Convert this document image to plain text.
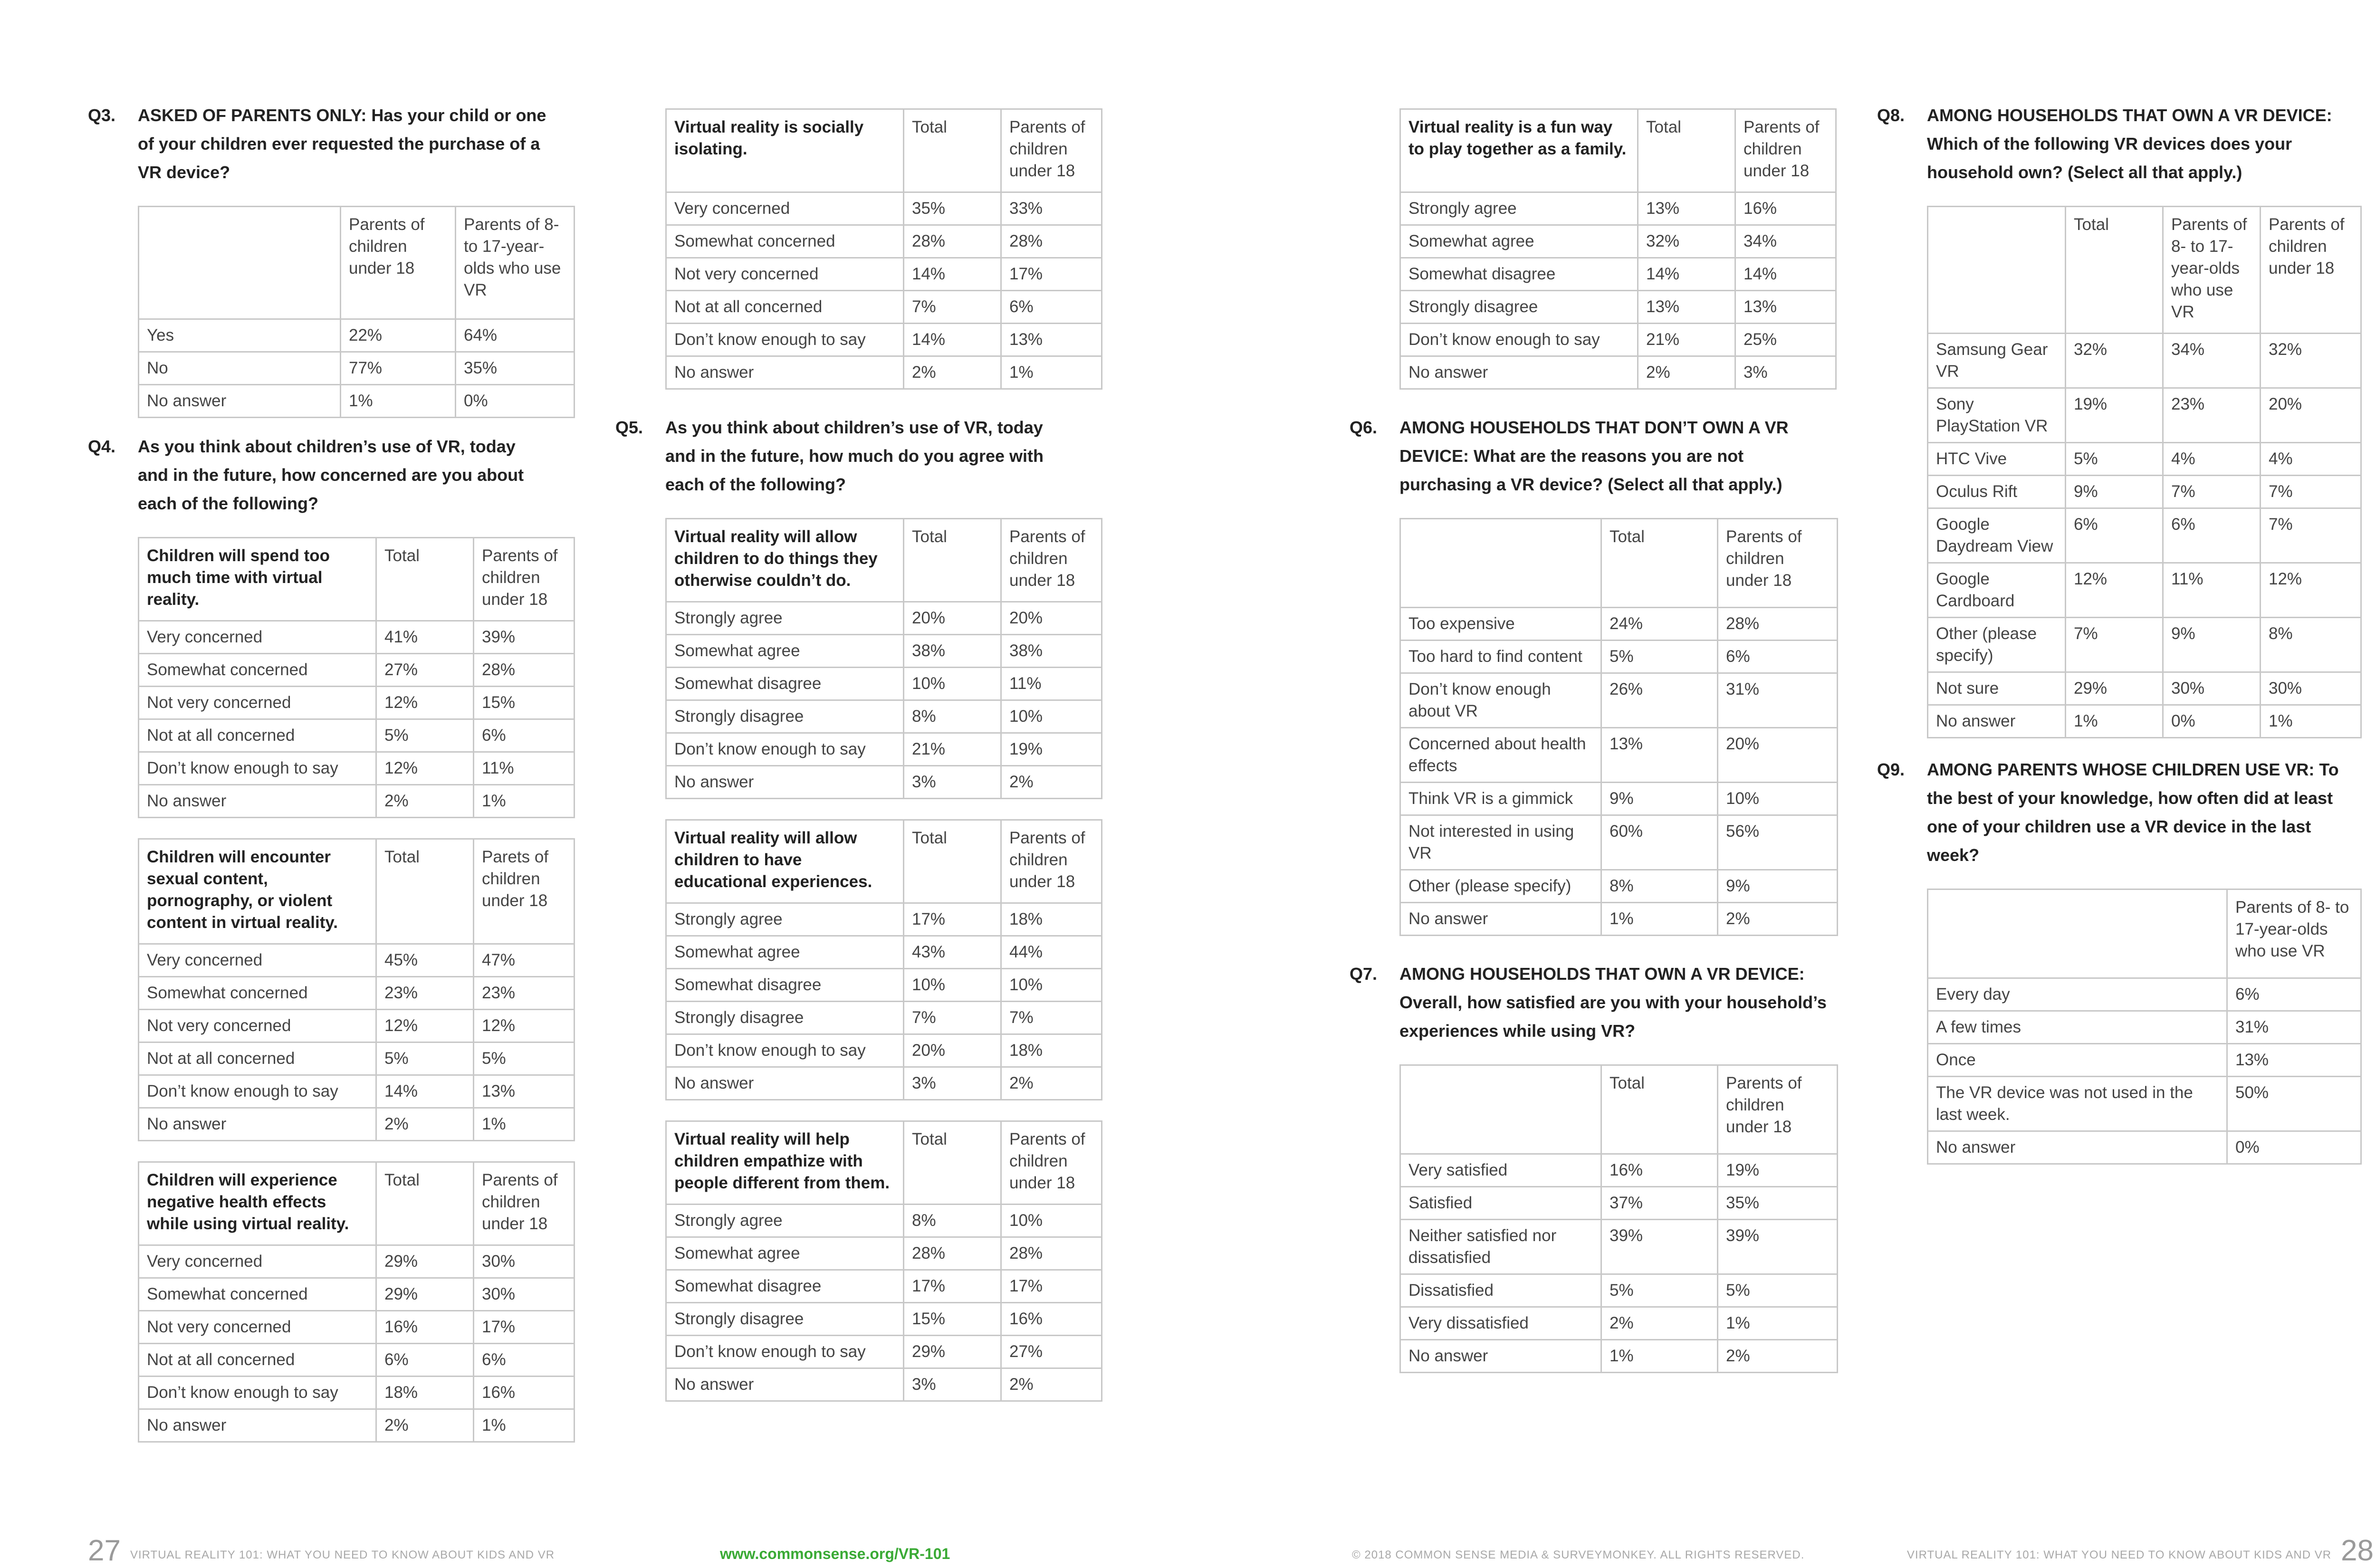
Q3.	ASKED OF PARENTS ONLY: Has your child or one of your children ever requested the purchase of a VR device?
	Parents of children under 18	Parents of 8- to 17-year-olds who use VR
Yes	22%	64%
No	77%	35%
No answer	1%	0%
Q4.	As you think about children’s use of VR, today and in the future, how concerned are you about each of the following?
Children will spend too much time with virtual reality.	Total	Parents of children under 18
Very concerned	41%	39%
Somewhat concerned	27%	28%
Not very concerned	12%	15%
Not at all concerned	5%	6%
Don’t know enough to say	12%	11%
No answer	2%	1%
Children will encounter sexual content, pornography, or violent content in virtual reality.	Total	Parets of children under 18
Very concerned	45%	47%
Somewhat concerned	23%	23%
Not very concerned	12%	12%
Not at all concerned	5%	5%
Don’t know enough to say	14%	13%
No answer	2%	1%
Children will experience negative health effects while using virtual reality.	Total	Parents of children under 18
Very concerned	29%	30%
Somewhat concerned	29%	30%
Not very concerned	16%	17%
Not at all concerned	6%	6%
Don’t know enough to say	18%	16%
No answer	2%	1%
Virtual reality is socially isolating.	Total	Parents of children under 18
Very concerned	35%	33%
Somewhat concerned	28%	28%
Not very concerned	14%	17%
Not at all concerned	7%	6%
Don’t know enough to say	14%	13%
No answer	2%	1%
Q5.	As you think about children’s use of VR, today and in the future, how much do you agree with each of the following?
Virtual reality will allow children to do things they otherwise couldn’t do.	Total	Parents of children under 18
Strongly agree	20%	20%
Somewhat agree	38%	38%
Somewhat disagree	10%	11%
Strongly disagree	8%	10%
Don’t know enough to say	21%	19%
No answer	3%	2%
Virtual reality will allow children to have educational experiences.	Total	Parents of children under 18
Strongly agree	17%	18%
Somewhat agree	43%	44%
Somewhat disagree	10%	10%
Strongly disagree	7%	7%
Don’t know enough to say	20%	18%
No answer	3%	2%
Virtual reality will help children empathize with people different from them.	Total	Parents of children under 18
Strongly agree	8%	10%
Somewhat agree	28%	28%
Somewhat disagree	17%	17%
Strongly disagree	15%	16%
Don’t know enough to say	29%	27%
No answer	3%	2%
Virtual reality is a fun way to play together as a family.	Total	Parents of children under 18
Strongly agree	13%	16%
Somewhat agree	32%	34%
Somewhat disagree	14%	14%
Strongly disagree	13%	13%
Don’t know enough to say	21%	25%
No answer	2%	3%
Q6.	AMONG HOUSEHOLDS THAT DON’T OWN A VR DEVICE: What are the reasons you are not purchasing a VR device? (Select all that apply.)
	Total	Parents of children under 18
Too expensive	24%	28%
Too hard to find content	5%	6%
Don’t know enough about VR	26%	31%
Concerned about health effects	13%	20%
Think VR is a gimmick	9%	10%
Not interested in using VR	60%	56%
Other (please specify)	8%	9%
No answer	1%	2%
Q7.	AMONG HOUSEHOLDS THAT OWN A VR DEVICE: Overall, how satisfied are you with your household’s experiences while using VR?
	Total	Parents of children under 18
Very satisfied	16%	19%
Satisfied	37%	35%
Neither satisfied nor dissatisfied	39%	39%
Dissatisfied	5%	5%
Very dissatisfied	2%	1%
No answer	1%	2%
Q8.	AMONG HOUSEHOLDS THAT OWN A VR DEVICE: Which of the following VR devices does your household own? (Select all that apply.)
	Total	Parents of 8- to 17-year-olds who use VR	Parents of children under 18
Samsung Gear VR	32%	34%	32%
Sony PlayStation VR	19%	23%	20%
HTC Vive	5%	4%	4%
Oculus Rift	9%	7%	7%
Google Daydream View	6%	6%	7%
Google Cardboard	12%	11%	12%
Other (please specify)	7%	9%	8%
Not sure	29%	30%	30%
No answer	1%	0%	1%
Q9.	AMONG PARENTS WHOSE CHILDREN USE VR: To the best of your knowledge, how often did at least one of your children use a VR device in the last week?
	Parents of 8- to 17-year-olds who use VR
Every day	6%
A few times	31%
Once	13%
The VR device was not used in the last week.	50%
No answer	0%
27 VIRTUAL REALITY 101: WHAT YOU NEED TO KNOW ABOUT KIDS AND VR	www.commonsense.org/VR-101	© 2018 COMMON SENSE MEDIA & SURVEYMONKEY. ALL RIGHTS RESERVED.	VIRTUAL REALITY 101: WHAT YOU NEED TO KNOW ABOUT KIDS AND VR 28
